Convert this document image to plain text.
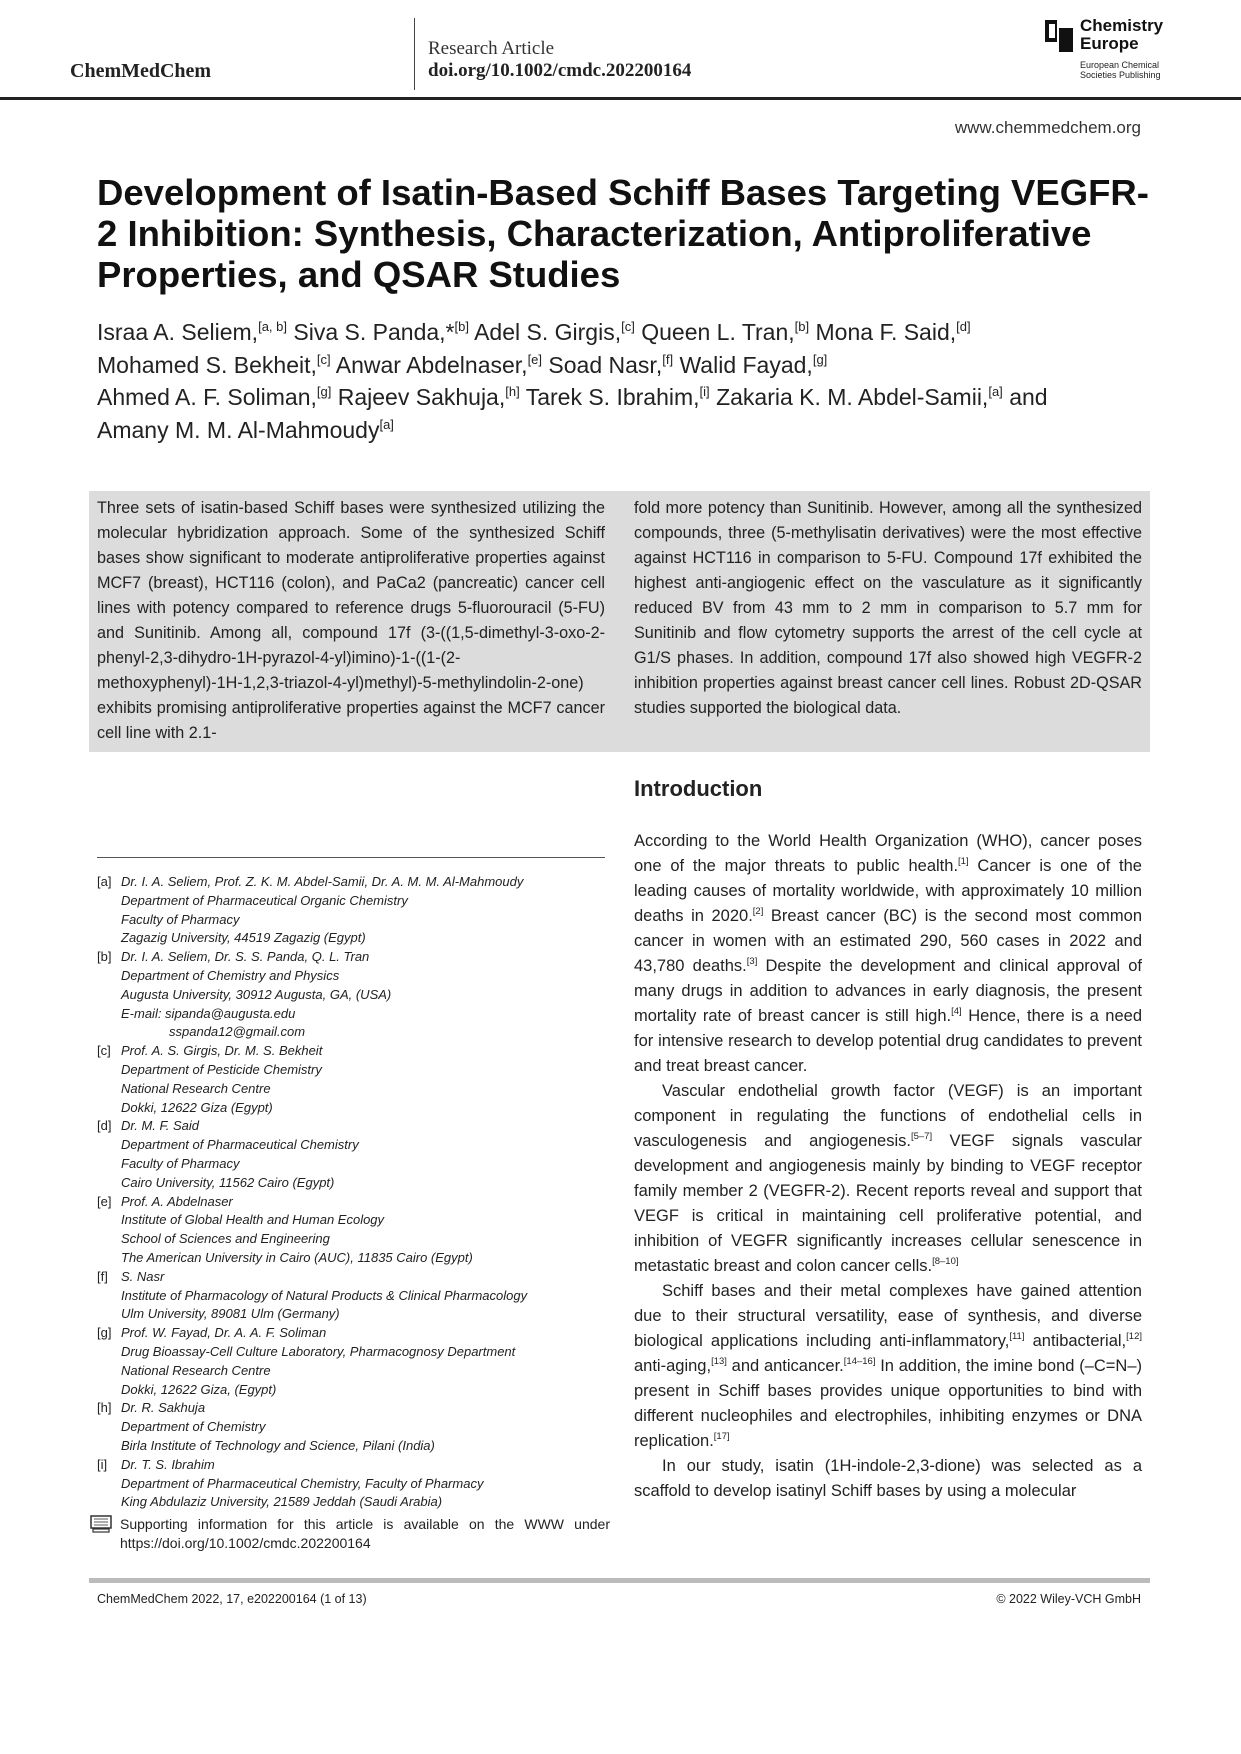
ChemMedChem
Research Article
doi.org/10.1002/cmdc.202200164
Chemistry
Europe
European Chemical
Societies Publishing
www.chemmedchem.org
Development of Isatin-Based Schiff Bases Targeting VEGFR-2 Inhibition: Synthesis, Characterization, Antiproliferative Properties, and QSAR Studies
Israa A. Seliem,[a, b] Siva S. Panda,*[b] Adel S. Girgis,[c] Queen L. Tran,[b] Mona F. Said,[d]
Mohamed S. Bekheit,[c] Anwar Abdelnaser,[e] Soad Nasr,[f] Walid Fayad,[g]
Ahmed A. F. Soliman,[g] Rajeev Sakhuja,[h] Tarek S. Ibrahim,[i] Zakaria K. M. Abdel-Samii,[a] and
Amany M. M. Al-Mahmoudy[a]
Three sets of isatin-based Schiff bases were synthesized utilizing the molecular hybridization approach. Some of the synthesized Schiff bases show significant to moderate antiproliferative properties against MCF7 (breast), HCT116 (colon), and PaCa2 (pancreatic) cancer cell lines with potency compared to reference drugs 5-fluorouracil (5-FU) and Sunitinib. Among all, compound 17f (3-((1,5-dimethyl-3-oxo-2-phenyl-2,3-dihydro-1H-pyrazol-4-yl)imino)-1-((1-(2-methoxyphenyl)-1H-1,2,3-triazol-4-yl)methyl)-5-methylindolin-2-one) exhibits promising antiproliferative properties against the MCF7 cancer cell line with 2.1-
fold more potency than Sunitinib. However, among all the synthesized compounds, three (5-methylisatin derivatives) were the most effective against HCT116 in comparison to 5-FU. Compound 17f exhibited the highest anti-angiogenic effect on the vasculature as it significantly reduced BV from 43 mm to 2 mm in comparison to 5.7 mm for Sunitinib and flow cytometry supports the arrest of the cell cycle at G1/S phases. In addition, compound 17f also showed high VEGFR-2 inhibition properties against breast cancer cell lines. Robust 2D-QSAR studies supported the biological data.
Introduction

According to the World Health Organization (WHO), cancer poses one of the major threats to public health.[1] Cancer is one of the leading causes of mortality worldwide, with approximately 10 million deaths in 2020.[2] Breast cancer (BC) is the second most common cancer in women with an estimated 290, 560 cases in 2022 and 43,780 deaths.[3] Despite the development and clinical approval of many drugs in addition to advances in early diagnosis, the present mortality rate of breast cancer is still high.[4] Hence, there is a need for intensive research to develop potential drug candidates to prevent and treat breast cancer.

Vascular endothelial growth factor (VEGF) is an important component in regulating the functions of endothelial cells in vasculogenesis and angiogenesis.[5–7] VEGF signals vascular development and angiogenesis mainly by binding to VEGF receptor family member 2 (VEGFR-2). Recent reports reveal and support that VEGF is critical in maintaining cell proliferative potential, and inhibition of VEGFR significantly increases cellular senescence in metastatic breast and colon cancer cells.[8–10]

Schiff bases and their metal complexes have gained attention due to their structural versatility, ease of synthesis, and diverse biological applications including anti-inflammatory,[11] antibacterial,[12] anti-aging,[13] and anticancer.[14–16] In addition, the imine bond (–C=N–) present in Schiff bases provides unique opportunities to bind with different nucleophiles and electrophiles, inhibiting enzymes or DNA replication.[17]

In our study, isatin (1H-indole-2,3-dione) was selected as a scaffold to develop isatinyl Schiff bases by using a molecular

[a] Dr. I. A. Seliem, Prof. Z. K. M. Abdel-Samii, Dr. A. M. M. Al-Mahmoudy
Department of Pharmaceutical Organic Chemistry
Faculty of Pharmacy
Zagazig University, 44519 Zagazig (Egypt)
[b] Dr. I. A. Seliem, Dr. S. S. Panda, Q. L. Tran
Department of Chemistry and Physics
Augusta University, 30912 Augusta, GA, (USA)
E-mail: sipanda@augusta.edu
sspanda12@gmail.com
[c] Prof. A. S. Girgis, Dr. M. S. Bekheit
Department of Pesticide Chemistry
National Research Centre
Dokki, 12622 Giza (Egypt)
[d] Dr. M. F. Said
Department of Pharmaceutical Chemistry
Faculty of Pharmacy
Cairo University, 11562 Cairo (Egypt)
[e] Prof. A. Abdelnaser
Institute of Global Health and Human Ecology
School of Sciences and Engineering
The American University in Cairo (AUC), 11835 Cairo (Egypt)
[f]	S. Nasr
Institute of Pharmacology of Natural Products & Clinical Pharmacology
Ulm University, 89081 Ulm (Germany)
[g] Prof. W. Fayad, Dr. A. A. F. Soliman
Drug Bioassay-Cell Culture Laboratory, Pharmacognosy Department
National Research Centre
Dokki, 12622 Giza, (Egypt)
[h] Dr. R. Sakhuja
Department of Chemistry
Birla Institute of Technology and Science, Pilani (India)
[i]	Dr. T. S. Ibrahim
Department of Pharmaceutical Chemistry, Faculty of Pharmacy
King Abdulaziz University, 21589 Jeddah (Saudi Arabia)
Supporting information for this article is available on the WWW under https://doi.org/10.1002/cmdc.202200164
ChemMedChem 2022, 17, e202200164 (1 of 13)	© 2022 Wiley-VCH GmbH
